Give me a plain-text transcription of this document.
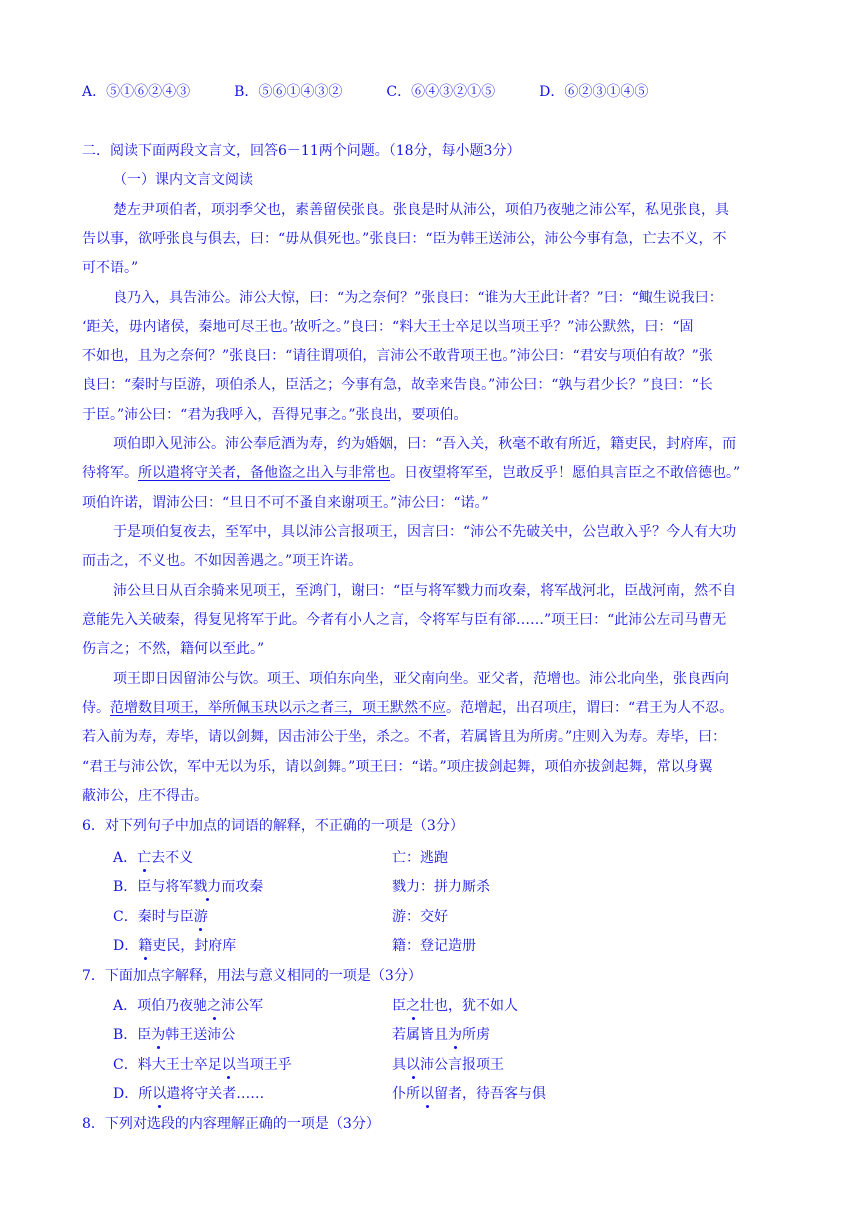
A．⑤①⑥②④③	B．⑤⑥①④③②	C．⑥④③②①⑤	D．⑥②③①④⑤
二．阅读下面两段文言文，回答6－11两个问题。（18分，每小题3分）
（一）课内文言文阅读
楚左尹项伯者，项羽季父也，素善留侯张良。张良是时从沛公，项伯乃夜驰之沛公军，私见张良，具
告以事，欲呼张良与俱去，曰：“毋从俱死也。”张良曰：“臣为韩王送沛公，沛公今事有急，亡去不义，不
可不语。”
良乃入，具告沛公。沛公大惊，曰：“为之奈何？”张良曰：“谁为大王此计者？”曰：“鲰生说我曰：
‘距关，毋内诸侯，秦地可尽王也。’故听之。”良曰：“料大王士卒足以当项王乎？”沛公默然，曰：“固
不如也，且为之奈何？”张良曰：“请往谓项伯，言沛公不敢背项王也。”沛公曰：“君安与项伯有故？”张
良曰：“秦时与臣游，项伯杀人，臣活之；今事有急，故幸来告良。”沛公曰：“孰与君少长？”良曰：“长
于臣。”沛公曰：“君为我呼入，吾得兄事之。”张良出，要项伯。
项伯即入见沛公。沛公奉卮酒为寿，约为婚姻，曰：“吾入关，秋毫不敢有所近，籍吏民，封府库，而
待将军。所以遣将守关者，备他盗之出入与非常也。日夜望将军至，岂敢反乎！愿伯具言臣之不敢倍德也。”
项伯许诺，谓沛公曰：“旦日不可不蚤自来谢项王。”沛公曰：“诺。”
于是项伯复夜去，至军中，具以沛公言报项王，因言曰：“沛公不先破关中，公岂敢入乎？今人有大功
而击之，不义也。不如因善遇之。”项王许诺。
沛公旦日从百余骑来见项王，至鸿门，谢曰：“臣与将军戮力而攻秦，将军战河北，臣战河南，然不自
意能先入关破秦，得复见将军于此。今者有小人之言，令将军与臣有郤……”项王曰：“此沛公左司马曹无
伤言之；不然，籍何以至此。”
项王即日因留沛公与饮。项王、项伯东向坐，亚父南向坐。亚父者，范增也。沛公北向坐，张良西向
侍。范增数目项王，举所佩玉玦以示之者三，项王默然不应。范增起，出召项庄，谓曰：“君王为人不忍。
若入前为寿，寿毕，请以剑舞，因击沛公于坐，杀之。不者，若属皆且为所虏。”庄则入为寿。寿毕，曰：
“君王与沛公饮，军中无以为乐，请以剑舞。”项王曰：“诺。”项庄拔剑起舞，项伯亦拔剑起舞，常以身翼
蔽沛公，庄不得击。
6．对下列句子中加点的词语的解释，不正确的一项是（3分）
A．亡去不义	亡：逃跑
B．臣与将军戮力而攻秦	戮力：拼力厮杀
C．秦时与臣游	游：交好
D．籍吏民，封府库	籍：登记造册
7．下面加点字解释，用法与意义相同的一项是（3分）
A．项伯乃夜驰之沛公军	臣之壮也，犹不如人
B．臣为韩王送沛公	若属皆且为所虏
C．料大王士卒足以当项王乎	具以沛公言报项王
D．所以遣将守关者……	仆所以留者，待吾客与俱
8．下列对选段的内容理解正确的一项是（3分）
